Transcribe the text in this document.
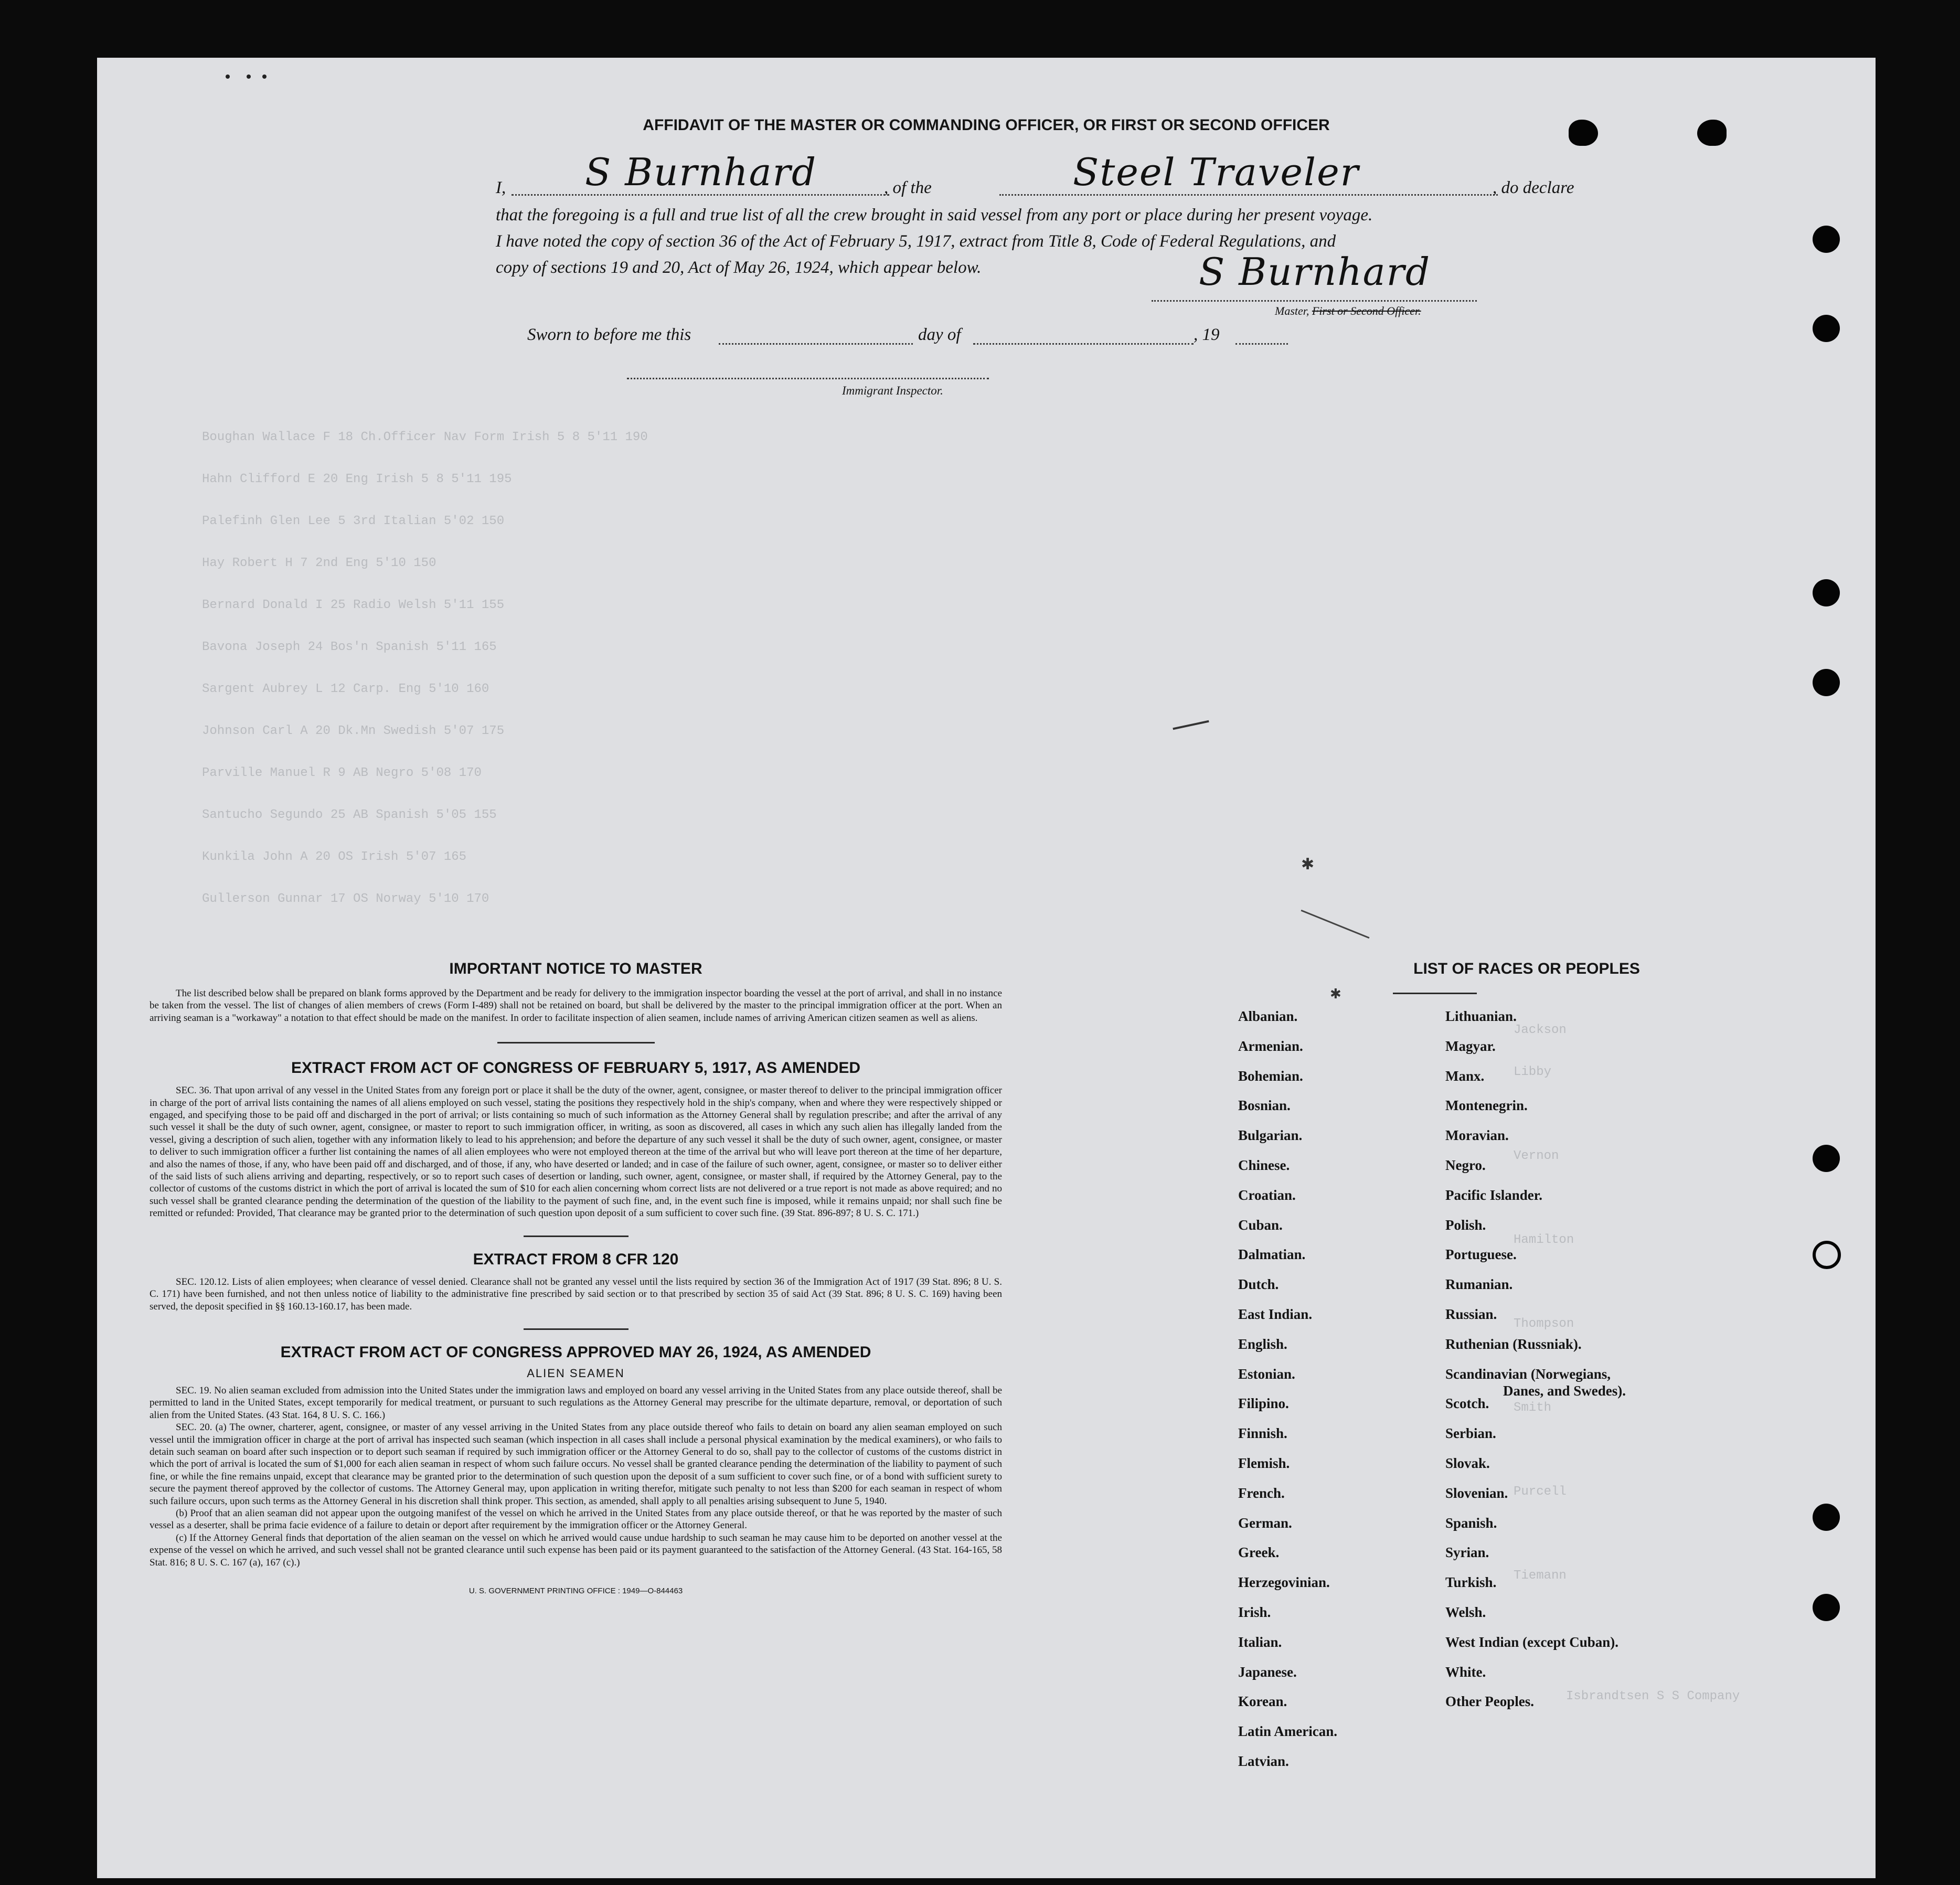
Boughan Wallace F 18 Ch.Officer Nav Form Irish 5 8 5'11 190
Hahn Clifford E 20 Eng Irish 5 8 5'11 195
Palefinh Glen Lee 5 3rd Italian 5'02 150
Hay Robert H 7 2nd Eng 5'10 150
Bernard Donald I 25 Radio Welsh 5'11 155
Bavona Joseph 24 Bos'n Spanish 5'11 165
Sargent Aubrey L 12 Carp. Eng 5'10 160
Johnson Carl A 20 Dk.Mn Swedish 5'07 175
Parville Manuel R 9 AB Negro 5'08 170
Santucho Segundo 25 AB Spanish 5'05 155
Kunkila John A 20 OS Irish 5'07 165
Gullerson Gunnar 17 OS Norway 5'10 170
Jackson
Libby
Vernon
Hamilton
Thompson
Smith
Purcell
Tiemann
Isbrandtsen S S Company
AFFIDAVIT OF THE MASTER OR COMMANDING OFFICER, OR FIRST OR SECOND OFFICER
I, S Burnhard	, of the	Steel Traveler	, do declare
that the foregoing is a full and true list of all the crew brought in said vessel from any port or place during her present voyage.
I have noted the copy of section 36 of the Act of February 5, 1917, extract from Title 8, Code of Federal Regulations, and
copy of sections 19 and 20, Act of May 26, 1924, which appear below.	S Burnhard
Master, First or Second Officer.
Sworn to before me this	day of	, 19
Immigrant Inspector.
IMPORTANT NOTICE TO MASTER

The list described below shall be prepared on blank forms approved by the Department and be ready for delivery to the immigration inspector boarding the vessel at the port of arrival, and shall in no instance be taken from the vessel. The list of changes of alien members of crews (Form I-489) shall not be retained on board, but shall be delivered by the master to the principal immigration officer at the port. When an arriving seaman is a "workaway" a notation to that effect should be made on the manifest. In order to facilitate inspection of alien seamen, include names of arriving American citizen seamen as well as aliens.

EXTRACT FROM ACT OF CONGRESS OF FEBRUARY 5, 1917, AS AMENDED

SEC. 36. That upon arrival of any vessel in the United States from any foreign port or place it shall be the duty of the owner, agent, consignee, or master thereof to deliver to the principal immigration officer in charge of the port of arrival lists containing the names of all aliens employed on such vessel, stating the positions they respectively hold in the ship's company, when and where they were respectively shipped or engaged, and specifying those to be paid off and discharged in the port of arrival; or lists containing so much of such information as the Attorney General shall by regulation prescribe; and after the arrival of any such vessel it shall be the duty of such owner, agent, consignee, or master to report to such immigration officer, in writing, as soon as discovered, all cases in which any such alien has illegally landed from the vessel, giving a description of such alien, together with any information likely to lead to his apprehension; and before the departure of any such vessel it shall be the duty of such owner, agent, consignee, or master to deliver to such immigration officer a further list containing the names of all alien employees who were not employed thereon at the time of the arrival but who will leave port thereon at the time of her departure, and also the names of those, if any, who have been paid off and discharged, and of those, if any, who have deserted or landed; and in case of the failure of such owner, agent, consignee, or master so to deliver either of the said lists of such aliens arriving and departing, respectively, or so to report such cases of desertion or landing, such owner, agent, consignee, or master shall, if required by the Attorney General, pay to the collector of customs of the customs district in which the port of arrival is located the sum of $10 for each alien concerning whom correct lists are not delivered or a true report is not made as above required; and no such vessel shall be granted clearance pending the determination of the question of the liability to the payment of such fine, and, in the event such fine is imposed, while it remains unpaid; nor shall such fine be remitted or refunded: Provided, That clearance may be granted prior to the determination of such question upon deposit of a sum sufficient to cover such fine. (39 Stat. 896-897; 8 U. S. C. 171.)

EXTRACT FROM 8 CFR 120

SEC. 120.12. Lists of alien employees; when clearance of vessel denied. Clearance shall not be granted any vessel until the lists required by section 36 of the Immigration Act of 1917 (39 Stat. 896; 8 U. S. C. 171) have been furnished, and not then unless notice of liability to the administrative fine prescribed by said section or to that prescribed by section 35 of said Act (39 Stat. 896; 8 U. S. C. 169) having been served, the deposit specified in §§ 160.13-160.17, has been made.

EXTRACT FROM ACT OF CONGRESS APPROVED MAY 26, 1924, AS AMENDED
ALIEN SEAMEN

SEC. 19. No alien seaman excluded from admission into the United States under the immigration laws and employed on board any vessel arriving in the United States from any place outside thereof, shall be permitted to land in the United States, except temporarily for medical treatment, or pursuant to such regulations as the Attorney General may prescribe for the ultimate departure, removal, or deportation of such alien from the United States. (43 Stat. 164, 8 U. S. C. 166.)

SEC. 20. (a) The owner, charterer, agent, consignee, or master of any vessel arriving in the United States from any place outside thereof who fails to detain on board any alien seaman employed on such vessel until the immigration officer in charge at the port of arrival has inspected such seaman (which inspection in all cases shall include a personal physical examination by the medical examiners), or who fails to detain such seaman on board after such inspection or to deport such seaman if required by such immigration officer or the Attorney General to do so, shall pay to the collector of customs of the customs district in which the port of arrival is located the sum of $1,000 for each alien seaman in respect of whom such failure occurs. No vessel shall be granted clearance pending the determination of the liability to payment of such fine, or while the fine remains unpaid, except that clearance may be granted prior to the determination of such question upon the deposit of a sum sufficient to cover such fine, or of a bond with sufficient surety to secure the payment thereof approved by the collector of customs. The Attorney General may, upon application in writing therefor, mitigate such penalty to not less than $200 for each seaman in respect of whom such failure occurs, upon such terms as the Attorney General in his discretion shall think proper. This section, as amended, shall apply to all penalties arising subsequent to June 5, 1940.

(b) Proof that an alien seaman did not appear upon the outgoing manifest of the vessel on which he arrived in the United States from any place outside thereof, or that he was reported by the master of such vessel as a deserter, shall be prima facie evidence of a failure to detain or deport after requirement by the immigration officer or the Attorney General.

(c) If the Attorney General finds that deportation of the alien seaman on the vessel on which he arrived would cause undue hardship to such seaman he may cause him to be deported on another vessel at the expense of the vessel on which he arrived, and such vessel shall not be granted clearance until such expense has been paid or its payment guaranteed to the satisfaction of the Attorney General. (43 Stat. 164-165, 58 Stat. 816; 8 U. S. C. 167 (a), 167 (c).)

U. S. GOVERNMENT PRINTING OFFICE : 1949—O-844463
LIST OF RACES OR PEOPLES
✱
✱
Albanian.
Armenian.
Bohemian.
Bosnian.
Bulgarian.
Chinese.
Croatian.
Cuban.
Dalmatian.
Dutch.
East Indian.
English.
Estonian.
Filipino.
Finnish.
Flemish.
French.
German.
Greek.
Herzegovinian.
Irish.
Italian.
Japanese.
Korean.
Latin American.
Latvian.
Lithuanian.
Magyar.
Manx.
Montenegrin.
Moravian.
Negro.
Pacific Islander.
Polish.
Portuguese.
Rumanian.
Russian.
Ruthenian (Russniak).
Scandinavian (Norwegians,
Danes, and Swedes).
Scotch.
Serbian.
Slovak.
Slovenian.
Spanish.
Syrian.
Turkish.
Welsh.
West Indian (except Cuban).
White.
Other Peoples.
